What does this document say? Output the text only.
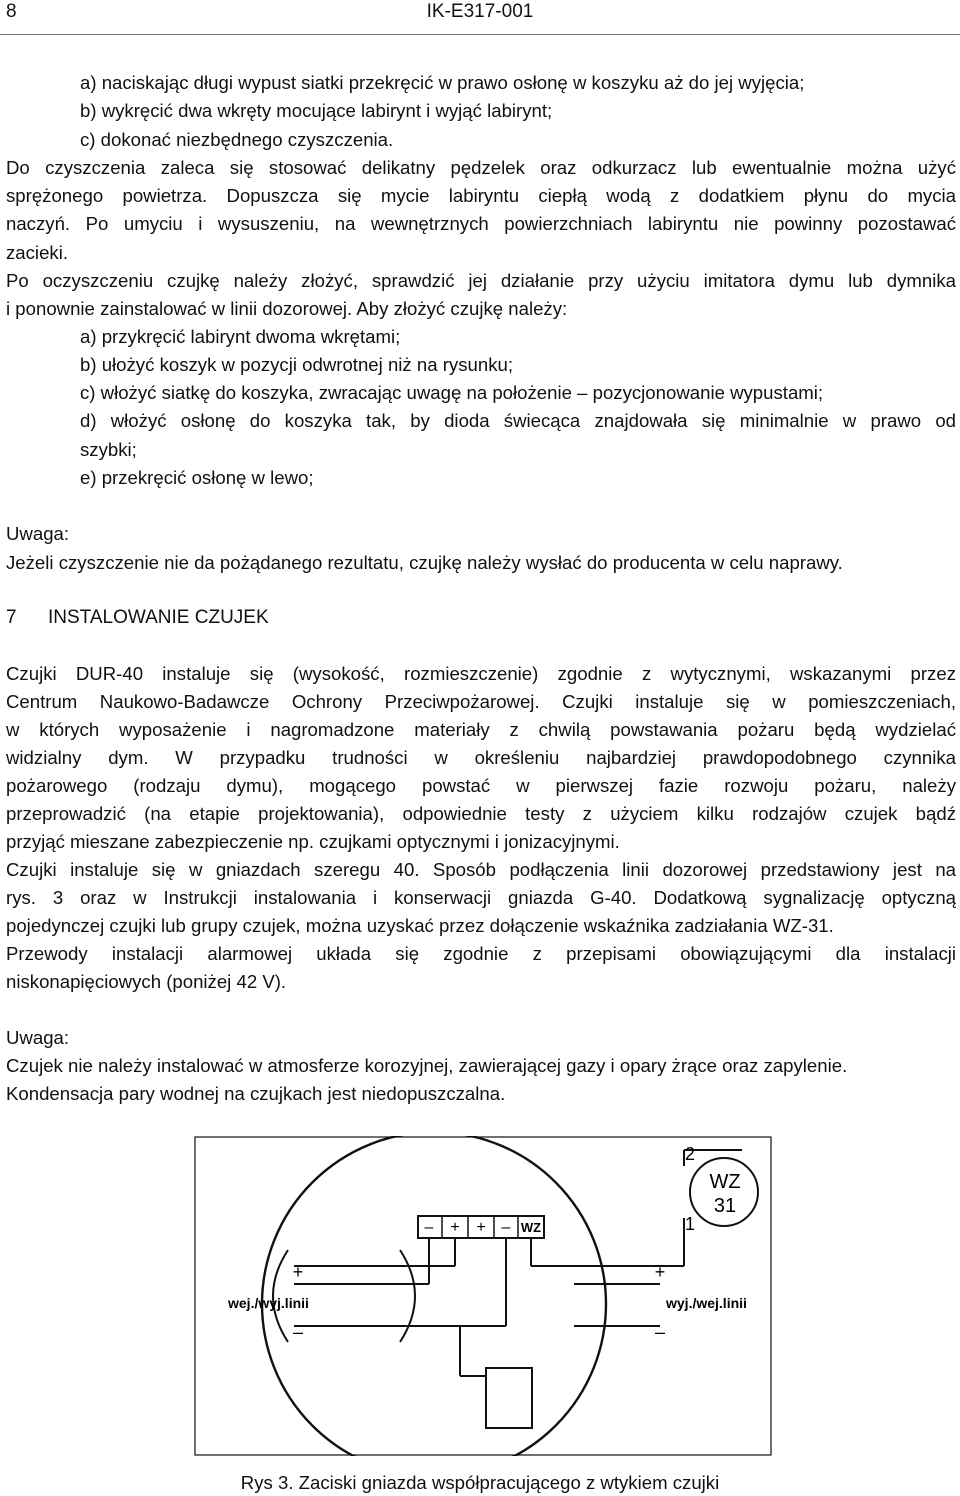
8	IK-E317-001
a) naciskając długi wypust siatki przekręcić w prawo osłonę w koszyku aż do jej wyjęcia;
b) wykręcić dwa wkręty mocujące labirynt i wyjąć labirynt;
c) dokonać niezbędnego czyszczenia.
Do czyszczenia zaleca się stosować delikatny pędzelek oraz odkurzacz lub ewentualnie można użyć
sprężonego powietrza. Dopuszcza się mycie labiryntu ciepłą wodą z dodatkiem płynu do mycia
naczyń. Po umyciu i wysuszeniu, na wewnętrznych powierzchniach labiryntu nie powinny pozostawać
zacieki.
Po oczyszczeniu czujkę należy złożyć, sprawdzić jej działanie przy użyciu imitatora dymu lub dymnika
i ponownie zainstalować w linii dozorowej. Aby złożyć czujkę należy:
a) przykręcić labirynt dwoma wkrętami;
b) ułożyć koszyk w pozycji odwrotnej niż na rysunku;
c) włożyć siatkę do koszyka, zwracając uwagę na położenie – pozycjonowanie wypustami;
d) włożyć osłonę do koszyka tak, by dioda świecąca znajdowała się minimalnie w prawo od
szybki;
e) przekręcić osłonę w lewo;
Uwaga:
Jeżeli czyszczenie nie da pożądanego rezultatu, czujkę należy wysłać do producenta w celu naprawy.
7 INSTALOWANIE CZUJEK
Czujki DUR-40 instaluje się (wysokość, rozmieszczenie) zgodnie z wytycznymi, wskazanymi przez
Centrum Naukowo-Badawcze Ochrony Przeciwpożarowej. Czujki instaluje się w pomieszczeniach,
w których wyposażenie i nagromadzone materiały z chwilą powstawania pożaru będą wydzielać
widzialny dym. W przypadku trudności w określeniu najbardziej prawdopodobnego czynnika
pożarowego (rodzaju dymu), mogącego powstać w pierwszej fazie rozwoju pożaru, należy
przeprowadzić (na etapie projektowania), odpowiednie testy z użyciem kilku rodzajów czujek bądź
przyjąć mieszane zabezpieczenie np. czujkami optycznymi i jonizacyjnymi.
Czujki instaluje się w gniazdach szeregu 40. Sposób podłączenia linii dozorowej przedstawiony jest na
rys. 3 oraz w Instrukcji instalowania i konserwacji gniazda G-40. Dodatkową sygnalizację optyczną
pojedynczej czujki lub grupy czujek, można uzyskać przez dołączenie wskaźnika zadziałania WZ-31.
Przewody instalacji alarmowej układa się zgodnie z przepisami obowiązującymi dla instalacji
niskonapięciowych (poniżej 42 V).
Uwaga:
Czujek nie należy instalować w atmosferze korozyjnej, zawierającej gazy i opary żrące oraz zapylenie.
Kondensacja pary wodnej na czujkach jest niedopuszczalna.
– + + – WZ
WZ
31
2
1
+
wej./wyj.linii
–
+
wyj./wej.linii
–
Rys 3. Zaciski gniazda współpracującego z wtykiem czujki
